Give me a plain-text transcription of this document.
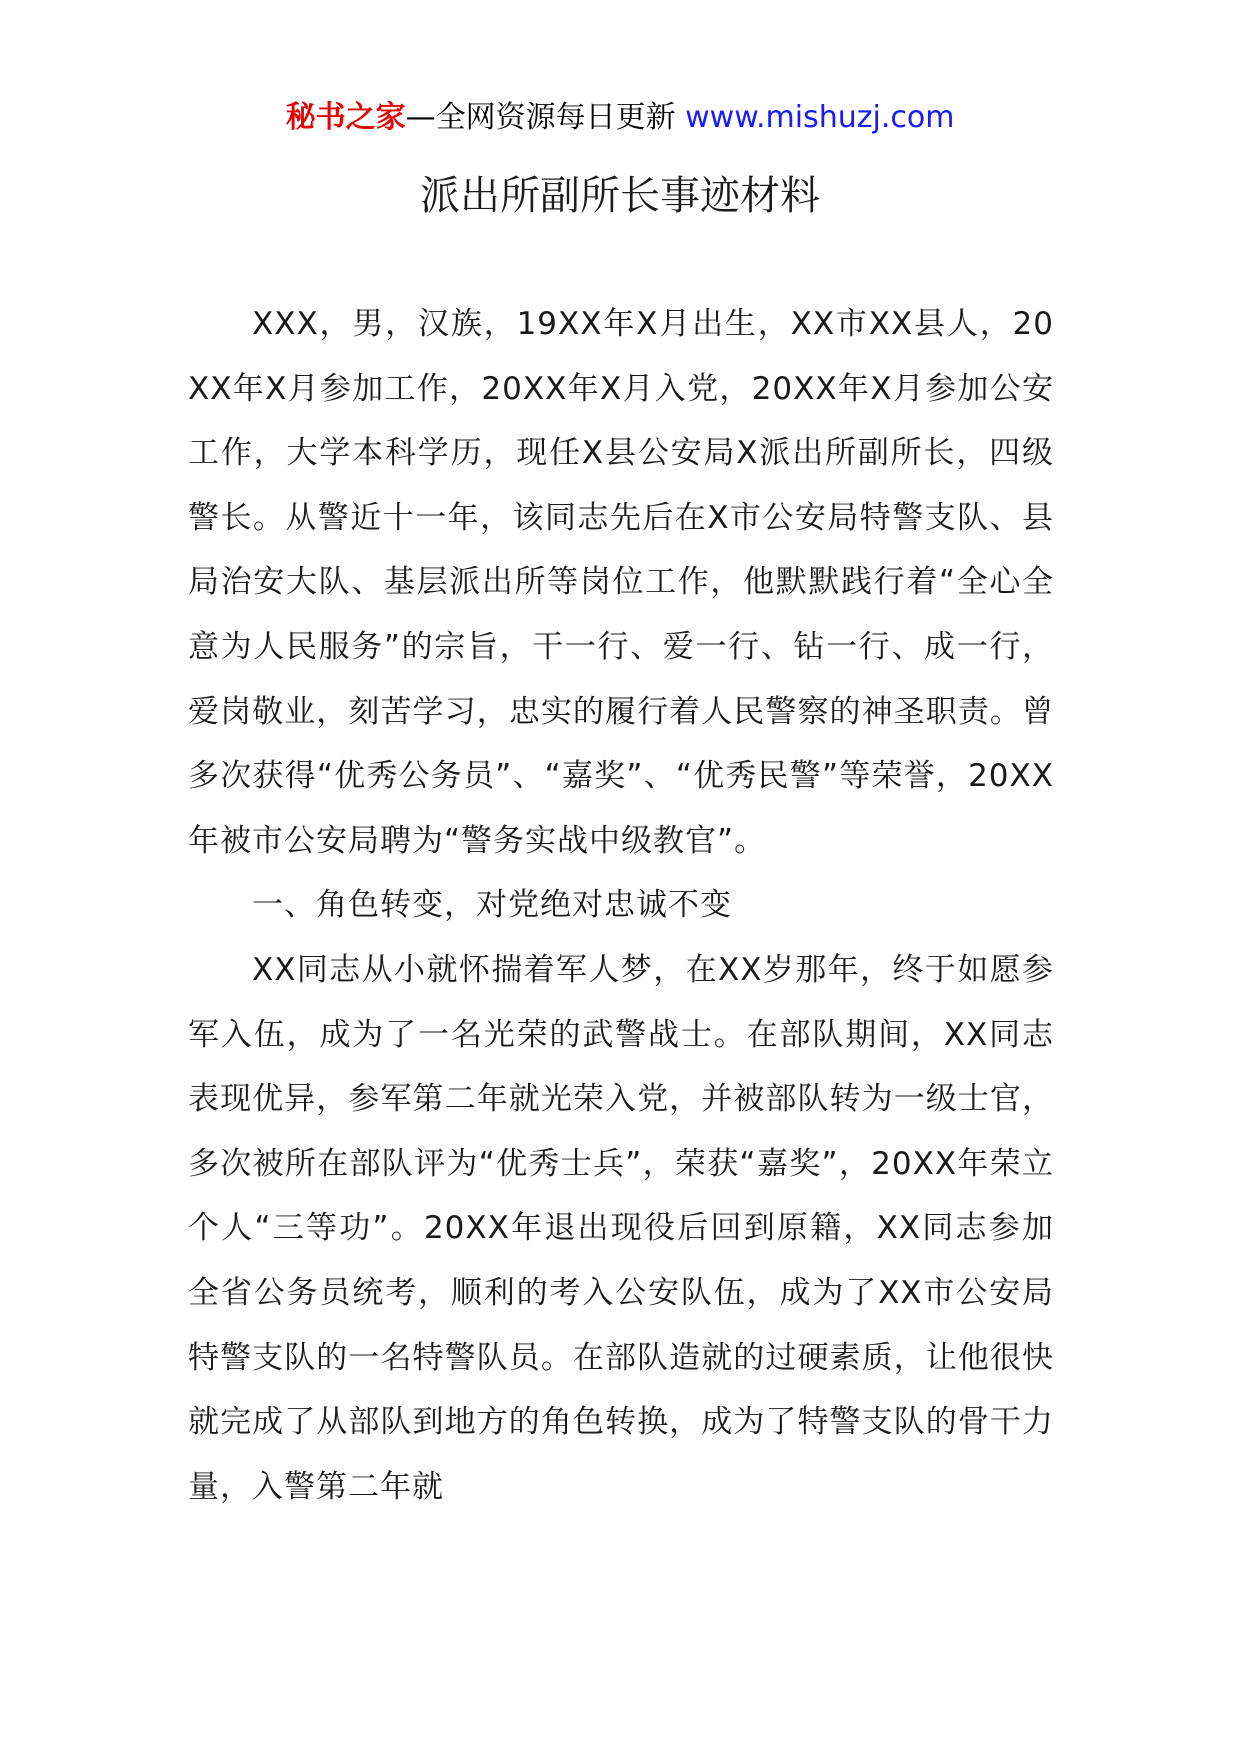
秘书之家—全网资源每日更新 www.mishuzj.com
派出所副所长事迹材料

XXX，男，汉族，19XX年X月出生，XX市XX县人，20XX年X月参加工作，20XX年X月入党，20XX年X月参加公安工作，大学本科学历，现任X县公安局X派出所副所长，四级警长。从警近十一年，该同志先后在X市公安局特警支队、县局治安大队、基层派出所等岗位工作，他默默践行着“全心全意为人民服务”的宗旨，干一行、爱一行、钻一行、成一行，爱岗敬业，刻苦学习，忠实的履行着人民警察的神圣职责。曾多次获得“优秀公务员”、“嘉奖”、“优秀民警”等荣誉，20XX年被市公安局聘为“警务实战中级教官”。

一、角色转变，对党绝对忠诚不变

XX同志从小就怀揣着军人梦，在XX岁那年，终于如愿参军入伍，成为了一名光荣的武警战士。在部队期间，XX同志表现优异，参军第二年就光荣入党，并被部队转为一级士官，多次被所在部队评为“优秀士兵”，荣获“嘉奖”，20XX年荣立个人“三等功”。20XX年退出现役后回到原籍，XX同志参加全省公务员统考，顺利的考入公安队伍，成为了XX市公安局特警支队的一名特警队员。在部队造就的过硬素质，让他很快就完成了从部队到地方的角色转换，成为了特警支队的骨干力量，入警第二年就
